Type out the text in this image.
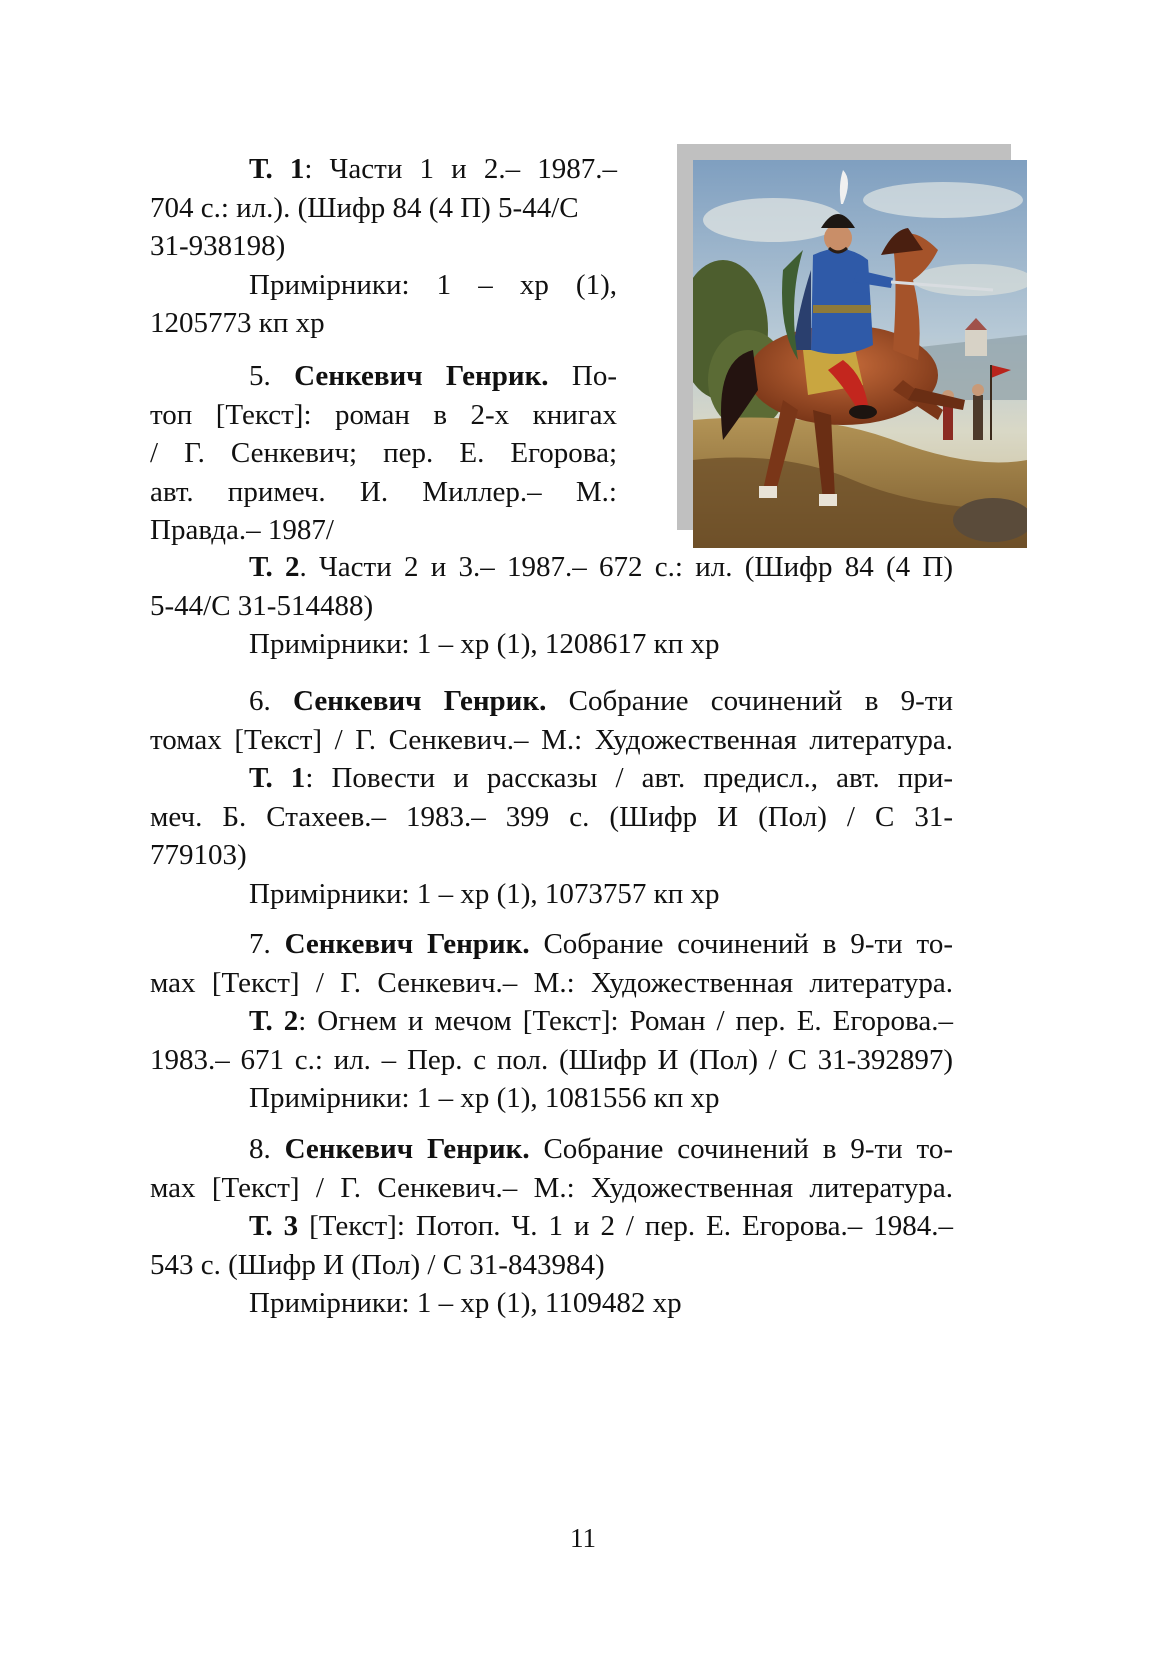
Т. 1: Части 1 и 2.– 1987.–
704 с.: ил.). (Шифр 84 (4 П) 5-44/С
31-938198)
Примірники: 1 – хр (1),
1205773 кп хр
5. Сенкевич Генрик. По-
топ [Текст]: роман в 2-х книгах
/ Г. Сенкевич; пер. Е. Егорова;
авт. примеч. И. Миллер.– М.:
Правда.– 1987/
Т. 2. Части 2 и 3.– 1987.– 672 с.: ил. (Шифр 84 (4 П)
5-44/С 31-514488)
Примірники: 1 – хр (1), 1208617 кп хр
6. Сенкевич Генрик. Собрание сочинений в 9-ти
томах [Текст] / Г. Сенкевич.– М.: Художественная литература.
Т. 1: Повести и рассказы / авт. предисл., авт. при-
меч. Б. Стахеев.– 1983.– 399 с. (Шифр И (Пол) / С 31-
779103)
Примірники: 1 – хр (1), 1073757 кп хр
7. Сенкевич Генрик. Собрание сочинений в 9-ти то-
мах [Текст] / Г. Сенкевич.– М.: Художественная литература.
Т. 2: Огнем и мечом [Текст]: Роман / пер. Е. Егорова.–
1983.– 671 с.: ил. – Пер. с пол. (Шифр И (Пол) / С 31-392897)
Примірники: 1 – хр (1), 1081556 кп хр
8. Сенкевич Генрик. Собрание сочинений в 9-ти то-
мах [Текст] / Г. Сенкевич.– М.: Художественная литература.
Т. 3 [Текст]: Потоп. Ч. 1 и 2 / пер. Е. Егорова.– 1984.–
543 с. (Шифр И (Пол) / С 31-843984)
Примірники: 1 – хр (1), 1109482 хр
11
